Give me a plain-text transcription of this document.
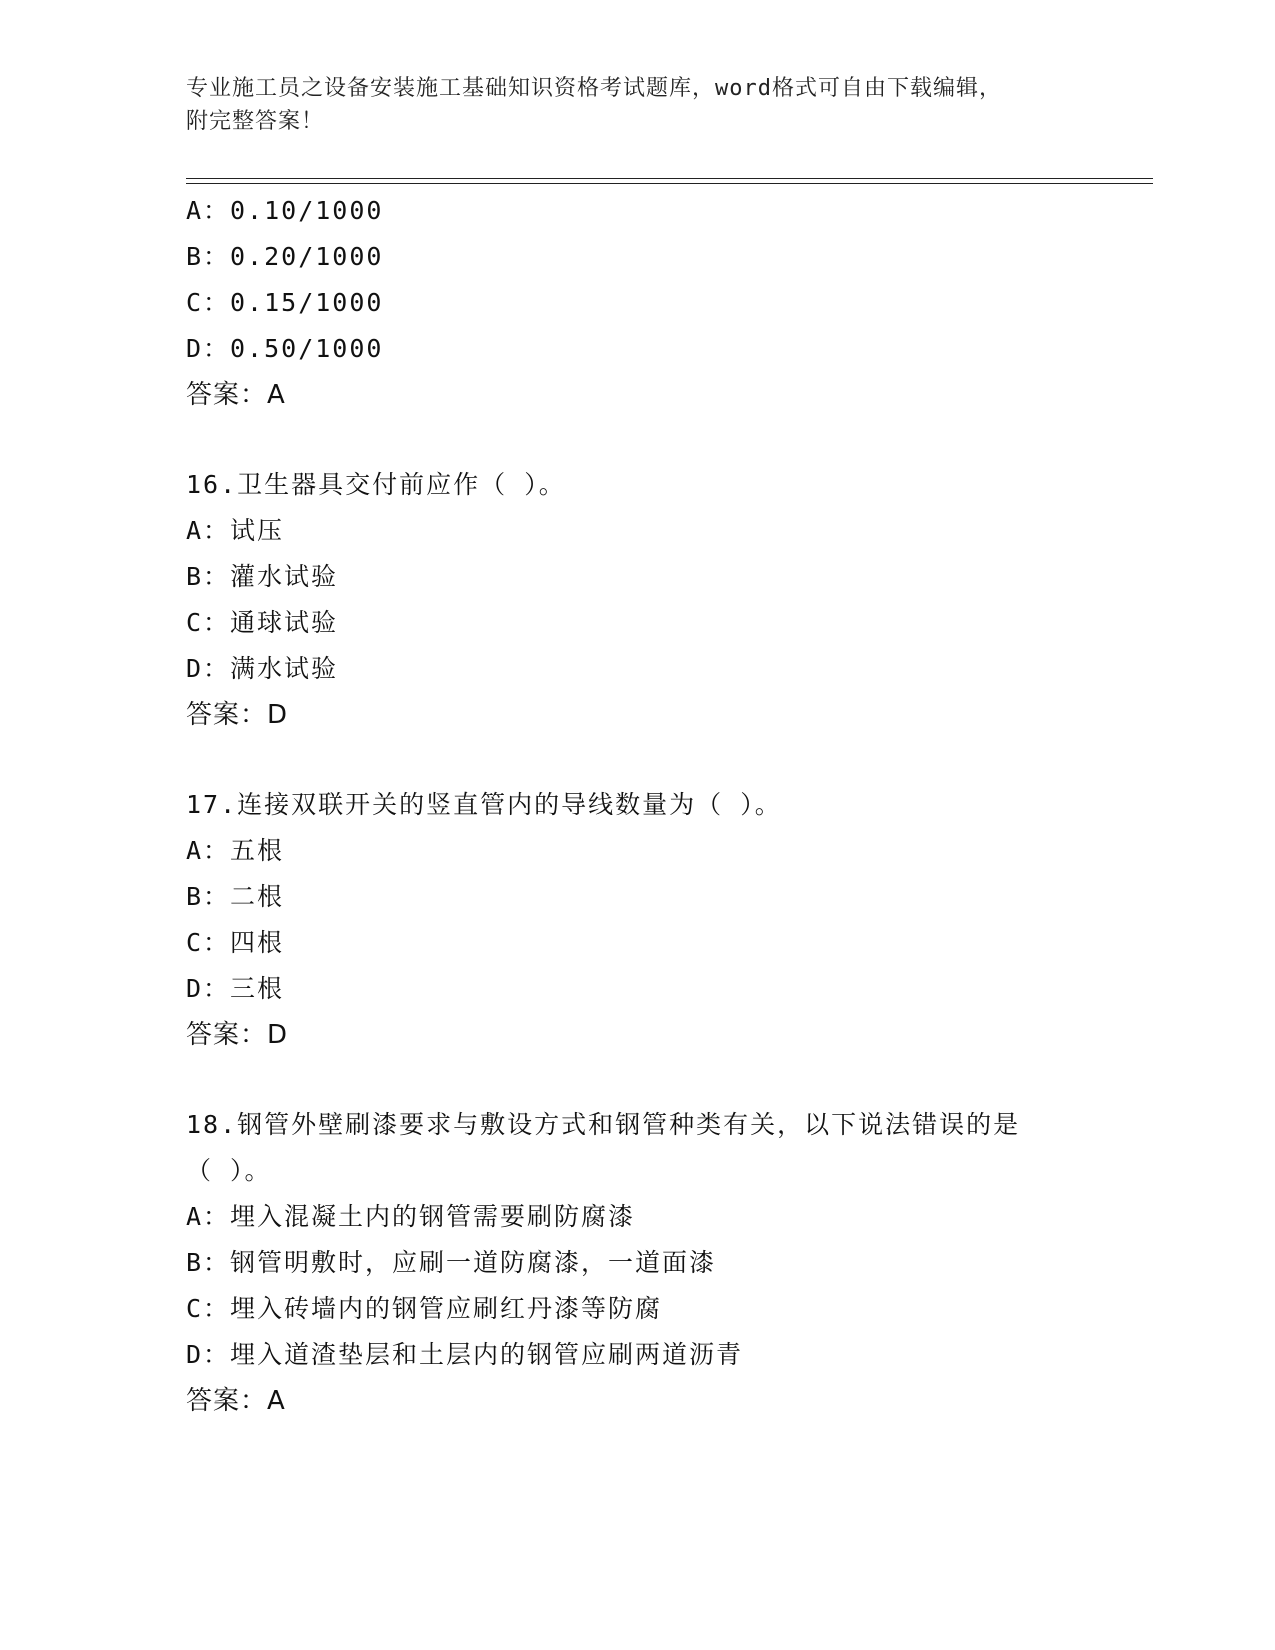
专业施工员之设备安装施工基础知识资格考试题库，word格式可自由下载编辑，
附完整答案！
A：0.10/1000
B：0.20/1000
C：0.15/1000
D：0.50/1000
答案：A
16.卫生器具交付前应作（ ）。
A：试压
B：灌水试验
C：通球试验
D：满水试验
答案：D
17.连接双联开关的竖直管内的导线数量为（ ）。
A：五根
B：二根
C：四根
D：三根
答案：D
18.钢管外壁刷漆要求与敷设方式和钢管种类有关，以下说法错误的是
（ ）。
A：埋入混凝土内的钢管需要刷防腐漆
B：钢管明敷时，应刷一道防腐漆，一道面漆
C：埋入砖墙内的钢管应刷红丹漆等防腐
D：埋入道渣垫层和土层内的钢管应刷两道沥青
答案：A
